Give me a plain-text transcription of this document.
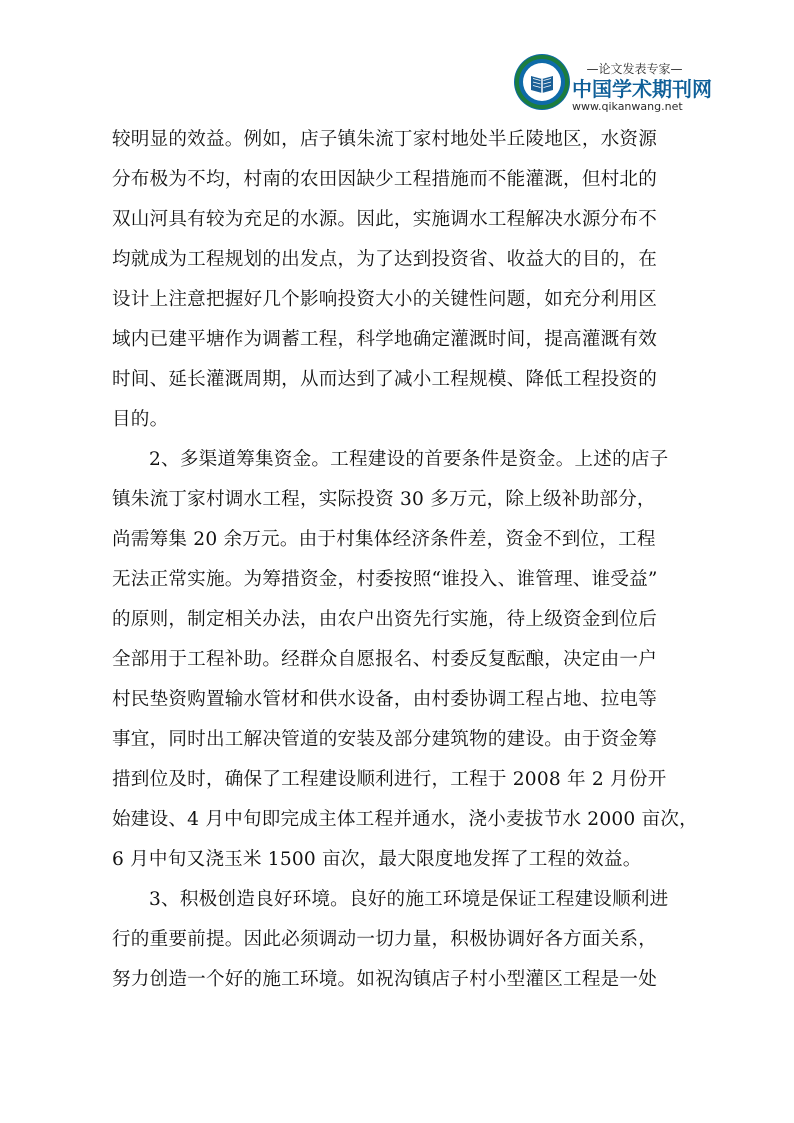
—论文发表专家—
中国学术期刊网
www.qikanwang.net

较明显的效益。例如，店子镇朱流丁家村地处半丘陵地区，水资源
分布极为不均，村南的农田因缺少工程措施而不能灌溉，但村北的
双山河具有较为充足的水源。因此，实施调水工程解决水源分布不
均就成为工程规划的出发点，为了达到投资省、收益大的目的，在
设计上注意把握好几个影响投资大小的关键性问题，如充分利用区
域内已建平塘作为调蓄工程，科学地确定灌溉时间，提高灌溉有效
时间、延长灌溉周期，从而达到了减小工程规模、降低工程投资的
目的。

2、多渠道筹集资金。工程建设的首要条件是资金。上述的店子
镇朱流丁家村调水工程，实际投资 30 多万元，除上级补助部分，
尚需筹集 20 余万元。由于村集体经济条件差，资金不到位，工程
无法正常实施。为筹措资金，村委按照“谁投入、谁管理、谁受益”
的原则，制定相关办法，由农户出资先行实施，待上级资金到位后
全部用于工程补助。经群众自愿报名、村委反复酝酿，决定由一户
村民垫资购置输水管材和供水设备，由村委协调工程占地、拉电等
事宜，同时出工解决管道的安装及部分建筑物的建设。由于资金筹
措到位及时，确保了工程建设顺利进行，工程于 2008 年 2 月份开
始建设、4 月中旬即完成主体工程并通水，浇小麦拔节水 2000 亩次，
6 月中旬又浇玉米 1500 亩次，最大限度地发挥了工程的效益。

3、积极创造良好环境。良好的施工环境是保证工程建设顺利进
行的重要前提。因此必须调动一切力量，积极协调好各方面关系，
努力创造一个好的施工环境。如祝沟镇店子村小型灌区工程是一处
